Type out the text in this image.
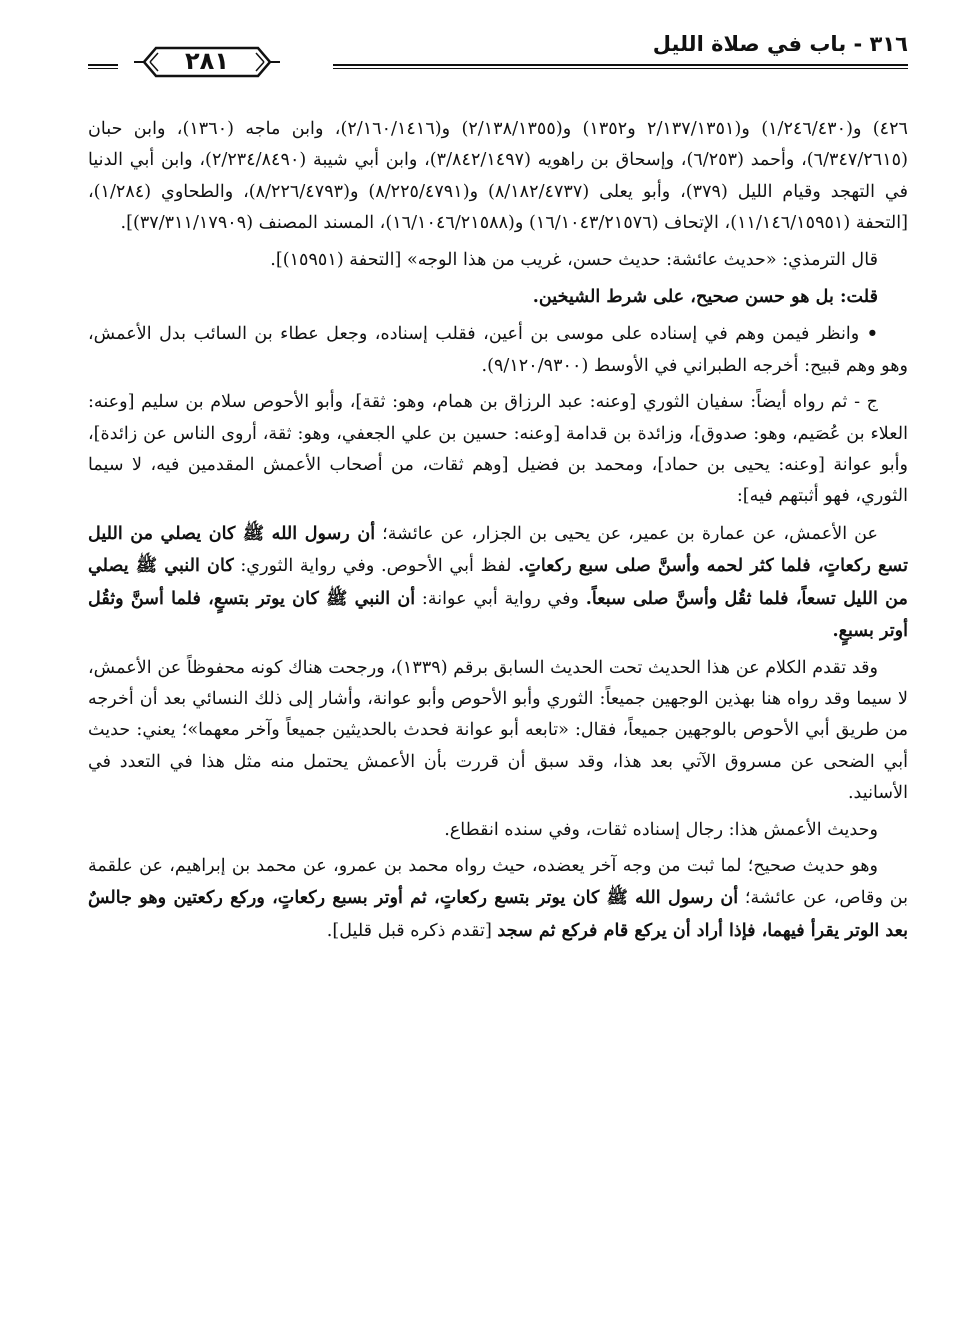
٣١٦ - باب في صلاة الليل
٢٨١

٤٢٦) و(١/٢٤٦/٤٣٠) و(٢/١٣٧/١٣٥١ و١٣٥٢) و(٢/١٣٨/١٣٥٥) و(٢/١٦٠/١٤١٦)، وابن ماجه (١٣٦٠)، وابن حبان (٦/٣٤٧/٢٦١٥)، وأحمد (٦/٢٥٣)، وإسحاق بن راهويه (٣/٨٤٢/١٤٩٧)، وابن أبي شيبة (٢/٢٣٤/٨٤٩٠)، وابن أبي الدنيا في التهجد وقيام الليل (٣٧٩)، وأبو يعلى (٨/١٨٢/٤٧٣٧) و(٨/٢٢٥/٤٧٩١) و(٨/٢٢٦/٤٧٩٣)، والطحاوي (١/٢٨٤)، [التحفة (١١/١٤٦/١٥٩٥١)، الإتحاف (١٦/١٠٤٣/٢١٥٧٦) و(١٦/١٠٤٦/٢١٥٨٨)، المسند المصنف (٣٧/٣١١/١٧٩٠٩)].

قال الترمذي: «حديث عائشة: حديث حسن، غريب من هذا الوجه» [التحفة (١٥٩٥١)].

قلت: بل هو حسن صحيح، على شرط الشيخين.

• وانظر فيمن وهم في إسناده على موسى بن أعين، فقلب إسناده، وجعل عطاء بن السائب بدل الأعمش، وهو وهم قبيح: أخرجه الطبراني في الأوسط (٩/١٢٠/٩٣٠٠).

ج - ثم رواه أيضاً: سفيان الثوري [وعنه: عبد الرزاق بن همام، وهو: ثقة]، وأبو الأحوص سلام بن سليم [وعنه: العلاء بن عُصَيم، وهو: صدوق]، وزائدة بن قدامة [وعنه: حسين بن علي الجعفي، وهو: ثقة، أروى الناس عن زائدة]، وأبو عوانة [وعنه: يحيى بن حماد]، ومحمد بن فضيل [وهم ثقات، من أصحاب الأعمش المقدمين فيه، لا سيما الثوري، فهو أثبتهم فيه]:

عن الأعمش، عن عمارة بن عمير، عن يحيى بن الجزار، عن عائشة؛ أن رسول الله ﷺ كان يصلي من الليل تسع ركعاتٍ، فلما كثر لحمه وأسنَّ صلى سبع ركعاتٍ. لفظ أبي الأحوص. وفي رواية الثوري: كان النبي ﷺ يصلي من الليل تسعاً، فلما ثقُل وأسنَّ صلى سبعاً. وفي رواية أبي عوانة: أن النبي ﷺ كان يوتر بتسعٍ، فلما أسنَّ وثقُل أوتر بسبعٍ.

وقد تقدم الكلام عن هذا الحديث تحت الحديث السابق برقم (١٣٣٩)، ورجحت هناك كونه محفوظاً عن الأعمش، لا سيما وقد رواه هنا بهذين الوجهين جميعاً: الثوري وأبو الأحوص وأبو عوانة، وأشار إلى ذلك النسائي بعد أن أخرجه من طريق أبي الأحوص بالوجهين جميعاً، فقال: «تابعه أبو عوانة فحدث بالحديثين جميعاً وآخر معهما»؛ يعني: حديث أبي الضحى عن مسروق الآتي بعد هذا، وقد سبق أن قررت بأن الأعمش يحتمل منه مثل هذا في التعدد في الأسانيد.

وحديث الأعمش هذا: رجال إسناده ثقات، وفي سنده انقطاع.

وهو حديث صحيح؛ لما ثبت من وجه آخر يعضده، حيث رواه محمد بن عمرو، عن محمد بن إبراهيم، عن علقمة بن وقاص، عن عائشة؛ أن رسول الله ﷺ كان يوتر بتسع ركعاتٍ، ثم أوتر بسبع ركعاتٍ، وركع ركعتين وهو جالسٌ بعد الوتر يقرأ فيهما، فإذا أراد أن يركع قام فركع ثم سجد [تقدم ذكره قبل قليل].
